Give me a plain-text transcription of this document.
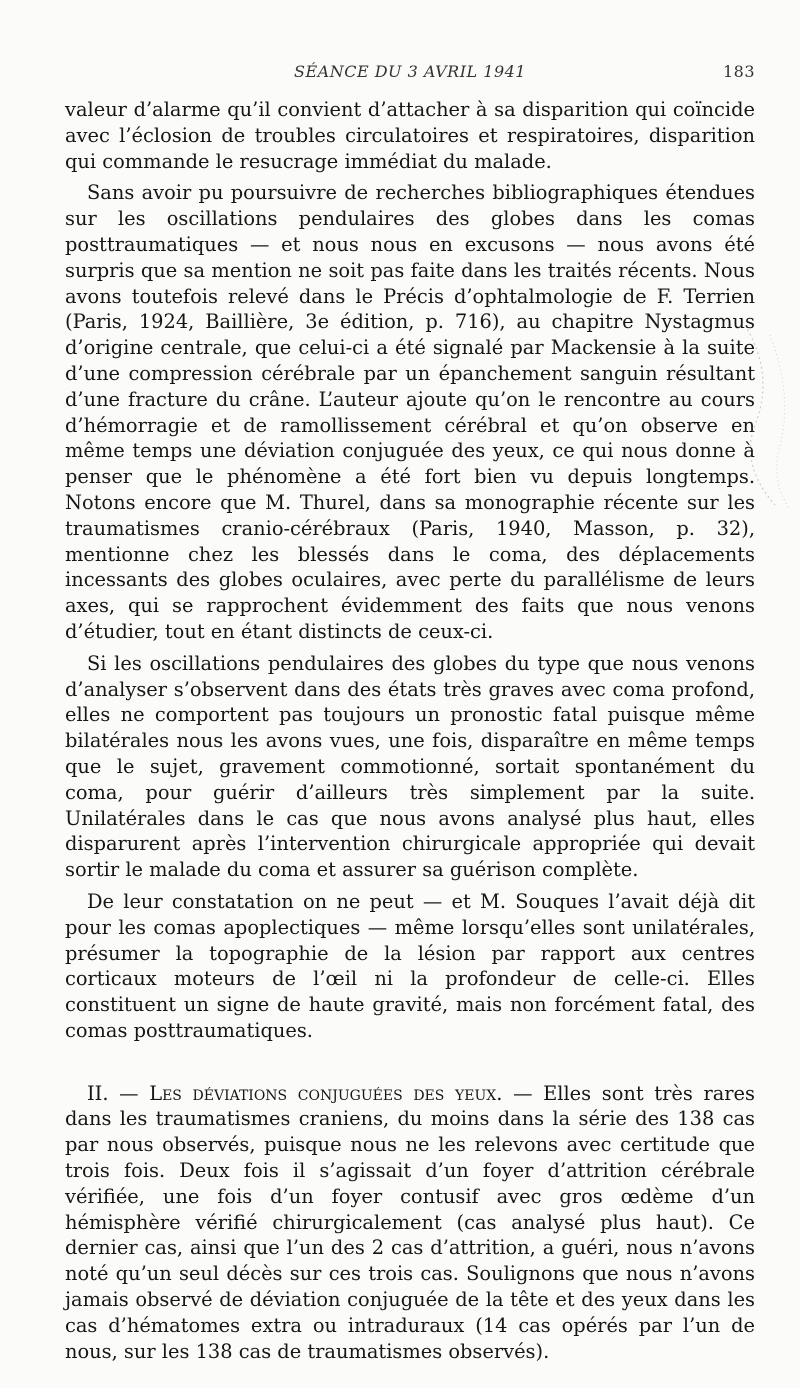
SÉANCE DU 3 AVRIL 1941	183

valeur d’alarme qu’il convient d’attacher à sa disparition qui coïncide avec l’éclosion de troubles circulatoires et respiratoires, disparition qui commande le resucrage immédiat du malade.

Sans avoir pu poursuivre de recherches bibliographiques étendues sur les oscillations pendulaires des globes dans les comas posttraumatiques — et nous nous en excusons — nous avons été surpris que sa mention ne soit pas faite dans les traités récents. Nous avons toutefois relevé dans le Précis d’ophtalmologie de F. Terrien (Paris, 1924, Baillière, 3e édition, p. 716), au chapitre Nystagmus d’origine centrale, que celui-ci a été signalé par Mackensie à la suite d’une compression cérébrale par un épanchement sanguin résultant d’une fracture du crâne. L’auteur ajoute qu’on le rencontre au cours d’hémorragie et de ramollissement cérébral et qu’on observe en même temps une déviation conjuguée des yeux, ce qui nous donne à penser que le phénomène a été fort bien vu depuis longtemps. Notons encore que M. Thurel, dans sa monographie récente sur les traumatismes cranio-cérébraux (Paris, 1940, Masson, p. 32), mentionne chez les blessés dans le coma, des déplacements incessants des globes oculaires, avec perte du parallélisme de leurs axes, qui se rapprochent évidemment des faits que nous venons d’étudier, tout en étant distincts de ceux-ci.

Si les oscillations pendulaires des globes du type que nous venons d’analyser s’observent dans des états très graves avec coma profond, elles ne comportent pas toujours un pronostic fatal puisque même bilatérales nous les avons vues, une fois, disparaître en même temps que le sujet, gravement commotionné, sortait spontanément du coma, pour guérir d’ailleurs très simplement par la suite. Unilatérales dans le cas que nous avons analysé plus haut, elles disparurent après l’intervention chirurgicale appropriée qui devait sortir le malade du coma et assurer sa guérison complète.

De leur constatation on ne peut — et M. Souques l’avait déjà dit pour les comas apoplectiques — même lorsqu’elles sont unilatérales, présumer la topographie de la lésion par rapport aux centres corticaux moteurs de l’œil ni la profondeur de celle-ci. Elles constituent un signe de haute gravité, mais non forcément fatal, des comas posttraumatiques.

II. — Les déviations conjuguées des yeux. — Elles sont très rares dans les traumatismes craniens, du moins dans la série des 138 cas par nous observés, puisque nous ne les relevons avec certitude que trois fois. Deux fois il s’agissait d’un foyer d’attrition cérébrale vérifiée, une fois d’un foyer contusif avec gros œdème d’un hémisphère vérifié chirurgicalement (cas analysé plus haut). Ce dernier cas, ainsi que l’un des 2 cas d’attrition, a guéri, nous n’avons noté qu’un seul décès sur ces trois cas. Soulignons que nous n’avons jamais observé de déviation conjuguée de la tête et des yeux dans les cas d’hématomes extra ou intraduraux (14 cas opérés par l’un de nous, sur les 138 cas de traumatismes observés).
